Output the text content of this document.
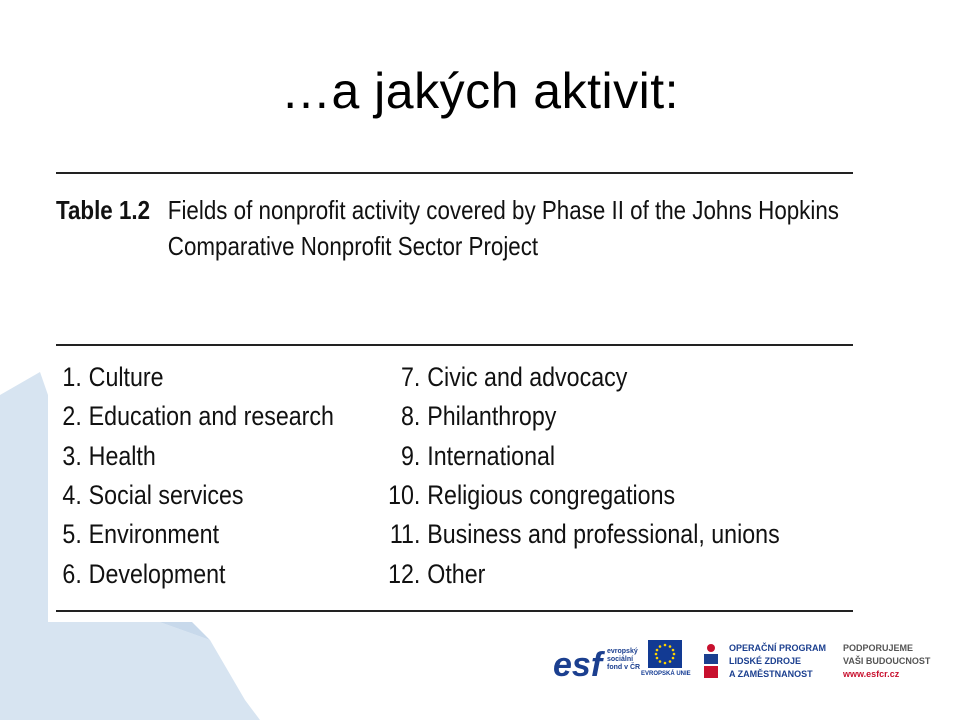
…a jakých aktivit:
Table 1.2 Fields of nonprofit activity covered by Phase II of the Johns Hopkins
Comparative Nonprofit Sector Project
1. Culture
2. Education and research
3. Health
4. Social services
5. Environment
6. Development
7. Civic and advocacy
8. Philanthropy
9. International
10. Religious congregations
11. Business and professional, unions
12. Other
esf evropský
sociální
fond v ČR
EVROPSKÁ UNIE
OPERAČNÍ PROGRAM
LIDSKÉ ZDROJE
A ZAMĚSTNANOST
PODPORUJEME
VAŠI BUDOUCNOST
www.esfcr.cz
